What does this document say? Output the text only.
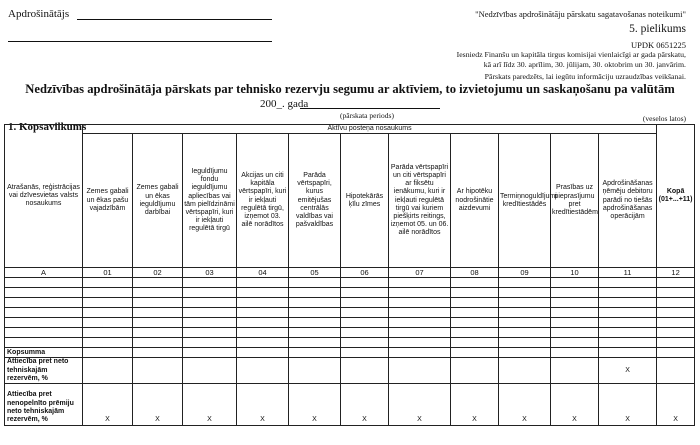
Apdrošinātājs	"Nedzīvības apdrošinātāju pārskatu sagatavošanas noteikumi"
5. pielikums
UPDK 0651225
Iesniedz Finanšu un kapitāla tirgus komisijai vienlaicīgi ar gada pārskatu,
kā arī līdz 30. aprīlim, 30. jūlijam, 30. oktobrim un 30. janvārim.
Pārskats paredzēts, lai iegūtu informāciju uzraudzības veikšanai.
Nedzīvības apdrošinātāja pārskats par tehnisko rezervju segumu ar aktīviem, to izvietojumu un saskaņošanu pa valūtām
200_. gada
(pārskata periods)
1. Kopsavilkums
(veselos latos)
Atrašanās, reģistrācijas vai dzīvesvietas valsts nosaukums	Aktīvu posteņa nosaukums											Kopā (01+...+11)
	Zemes gabali un ēkas pašu vajadzībām	Zemes gabali un ēkas ieguldījumu darbībai	Ieguldījumu fondu ieguldījumu apliecības vai tām pielīdzināmi vērtspapīri, kuri ir iekļauti regulētā tirgū	Akcijas un citi kapitāla vērtspapīri, kuri ir iekļauti regulētā tirgū, izņemot 03. ailē norādītos	Parāda vērtspapīri, kurus emitējušas centrālās valdības vai pašvaldības	Hipotekārās ķīlu zīmes	Parāda vērtspapīri un citi vērtspapīri ar fiksētu ienākumu, kuri ir iekļauti regulētā tirgū vai kuriem piešķirts reitings, izņemot 05. un 06. ailē norādītos	Ar hipotēku nodrošinātie aizdevumi	Termiņnoguldījumi kredītiestādēs	Prasības uz pieprasījumu pret kredītiestādēm	Apdrošināšanas ņēmēju debitoru parādi no tiešās apdrošināšanas operācijām	
A	01	02	03	04	05	06	07	08	09	10	11	12

Kopsumma												
Attiecība pret neto tehniskajām rezervēm, %											X	
Attiecība pret nenopelnīto prēmiju neto tehniskajām rezervēm, %	X	X	X	X	X	X	X	X	X	X	X	X
